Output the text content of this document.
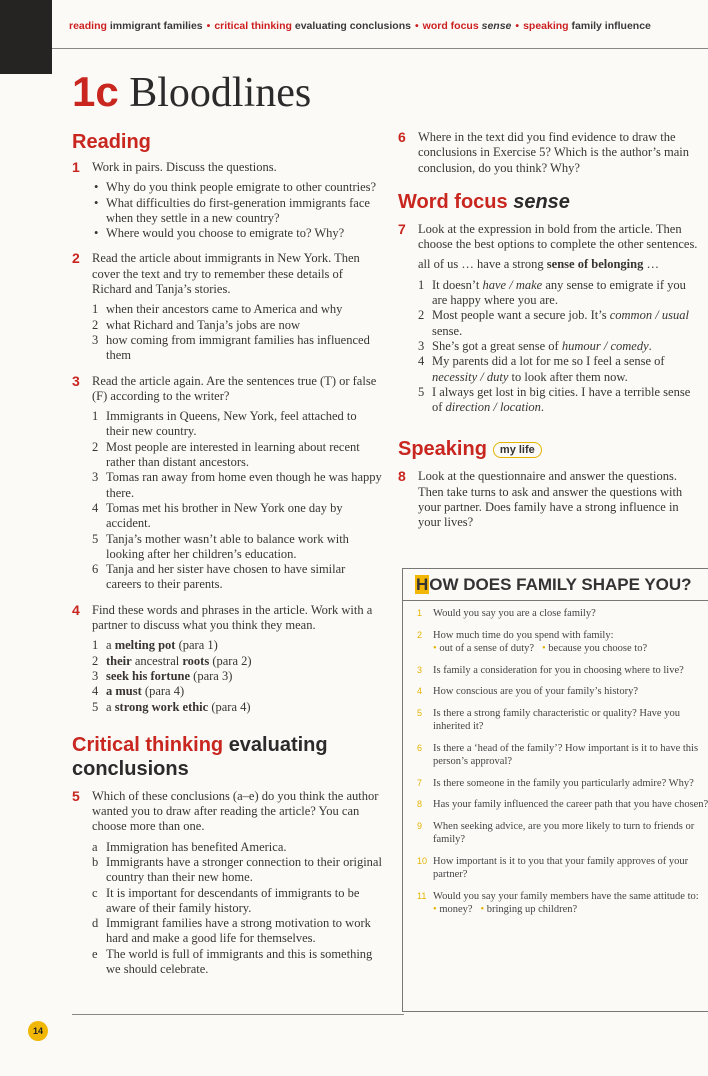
reading immigrant families • critical thinking evaluating conclusions • word focus sense • speaking family influence
1c Bloodlines
Reading
1 Work in pairs. Discuss the questions.
• Why do you think people emigrate to other countries?
• What difficulties do first-generation immigrants face when they settle in a new country?
• Where would you choose to emigrate to? Why?
2 Read the article about immigrants in New York. Then cover the text and try to remember these details of Richard and Tanja’s stories.
1 when their ancestors came to America and why
2 what Richard and Tanja’s jobs are now
3 how coming from immigrant families has influenced them
3 Read the article again. Are the sentences true (T) or false (F) according to the writer?
1 Immigrants in Queens, New York, feel attached to their new country.
2 Most people are interested in learning about recent rather than distant ancestors.
3 Tomas ran away from home even though he was happy there.
4 Tomas met his brother in New York one day by accident.
5 Tanja’s mother wasn’t able to balance work with looking after her children’s education.
6 Tanja and her sister have chosen to have similar careers to their parents.
4 Find these words and phrases in the article. Work with a partner to discuss what you think they mean.
1 a melting pot (para 1)
2 their ancestral roots (para 2)
3 seek his fortune (para 3)
4 a must (para 4)
5 a strong work ethic (para 4)
Critical thinking evaluating conclusions
5 Which of these conclusions (a–e) do you think the author wanted you to draw after reading the article? You can choose more than one.
a Immigration has benefited America.
b Immigrants have a stronger connection to their original country than their new home.
c It is important for descendants of immigrants to be aware of their family history.
d Immigrant families have a strong motivation to work hard and make a good life for themselves.
e The world is full of immigrants and this is something we should celebrate.
6 Where in the text did you find evidence to draw the conclusions in Exercise 5? Which is the author’s main conclusion, do you think? Why?
Word focus sense
7 Look at the expression in bold from the article. Then choose the best options to complete the other sentences.
all of us … have a strong sense of belonging …
1 It doesn’t have / make any sense to emigrate if you are happy where you are.
2 Most people want a secure job. It’s common / usual sense.
3 She’s got a great sense of humour / comedy.
4 My parents did a lot for me so I feel a sense of necessity / duty to look after them now.
5 I always get lost in big cities. I have a terrible sense of direction / location.
Speaking my life
8 Look at the questionnaire and answer the questions. Then take turns to ask and answer the questions with your partner. Does family have a strong influence in your lives?
HOW DOES FAMILY SHAPE YOU?
1 Would you say you are a close family?
2 How much time do you spend with family:
• out of a sense of duty? • because you choose to?
3 Is family a consideration for you in choosing where to live?
4 How conscious are you of your family’s history?
5 Is there a strong family characteristic or quality? Have you inherited it?
6 Is there a ‘head of the family’? How important is it to have this person’s approval?
7 Is there someone in the family you particularly admire? Why?
8 Has your family influenced the career path that you have chosen?
9 When seeking advice, are you more likely to turn to friends or family?
10 How important is it to you that your family approves of your partner?
11 Would you say your family members have the same attitude to:
• money? • bringing up children?
14
